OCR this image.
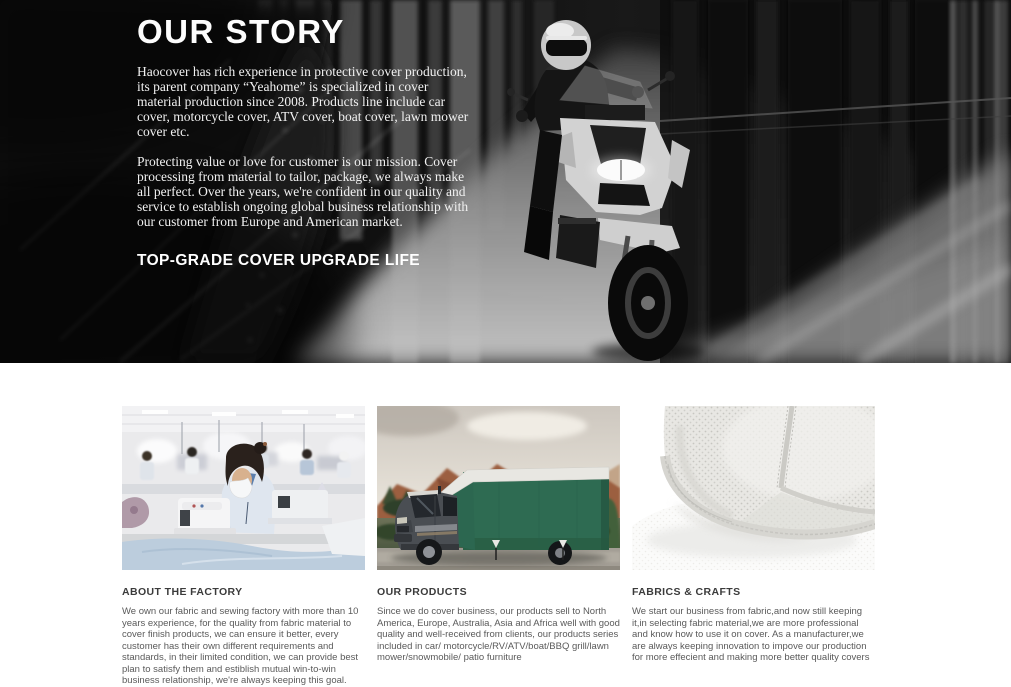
OUR STORY

Haocover has rich experience in protective cover production, its parent company “Yeahome” is specialized in cover material production since 2008. Products line include car cover, motorcycle cover, ATV cover, boat cover, lawn mower cover etc.

Protecting value or love for customer is our mission. Cover processing from material to tailor, package, we always make all perfect. Over the years, we're confident in our quality and service to establish ongoing global business relationship with our customer from Europe and American market.

TOP-GRADE COVER UPGRADE LIFE
ABOUT THE FACTORY

We own our fabric and sewing factory with more than 10 years experience, for the quality from fabric material to cover finish products, we can ensure it better, every customer has their own different requirements and standards, in their limited condition, we can provide best plan to satisfy them and estiblish mutual win-to-win business relationship, we're always keeping this goal.

OUR PRODUCTS

Since we do cover business, our products sell to North America, Europe, Australia, Asia and Africa well with good quality and well-received from clients, our products series included in car/ motorcycle/RV/ATV/boat/BBQ grill/lawn mower/snowmobile/ patio furniture

FABRICS & CRAFTS

We start our business from fabric,and now still keeping it,in selecting fabric material,we are more professional and know how to use it on cover. As a manufacturer,we are always keeping innovation to impove our production for more effecient and making more better quality covers
